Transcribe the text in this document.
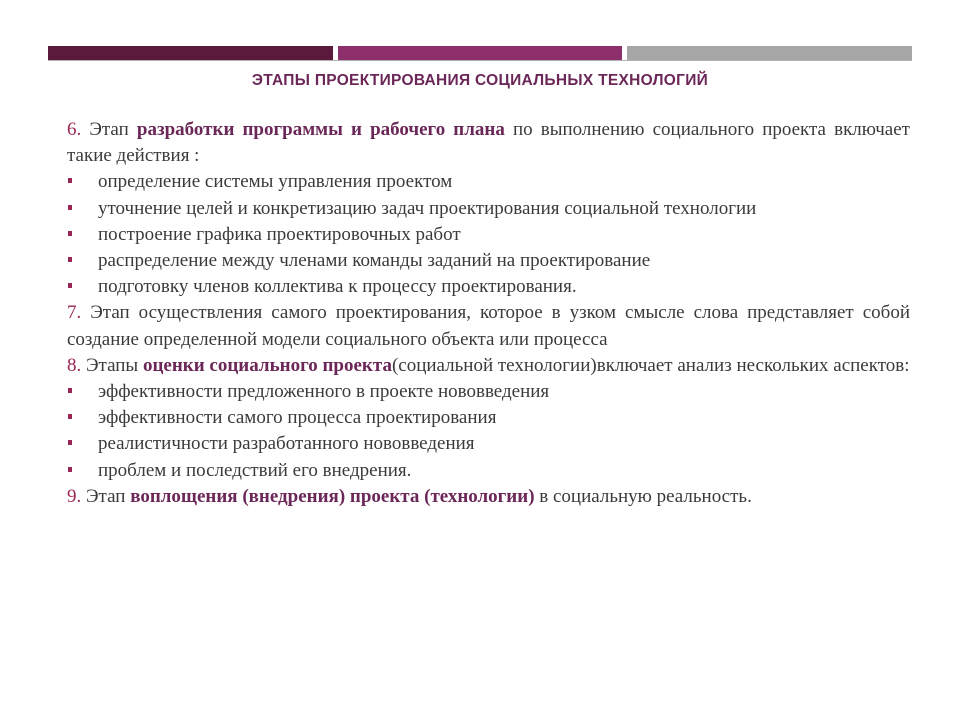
ЭТАПЫ ПРОЕКТИРОВАНИЯ СОЦИАЛЬНЫХ ТЕХНОЛОГИЙ

6. Этап разработки программы и рабочего плана по выполнению социального проекта включает такие действия :

определение системы управления проектом
уточнение целей и конкретизацию задач проектирования социальной технологии
построение графика проектировочных работ
распределение между членами команды заданий на проектирование
подготовку членов коллектива к процессу проектирования.

7. Этап осуществления самого проектирования, которое в узком смысле слова представляет собой создание определенной модели социального объекта или процесса

8. Этапы оценки социального проекта(социальной технологии)включает анализ нескольких аспектов:

эффективности предложенного в проекте нововведения
эффективности самого процесса проектирования
реалистичности разработанного нововведения
проблем и последствий его внедрения.

9. Этап воплощения (внедрения) проекта (технологии) в социальную реальность.
